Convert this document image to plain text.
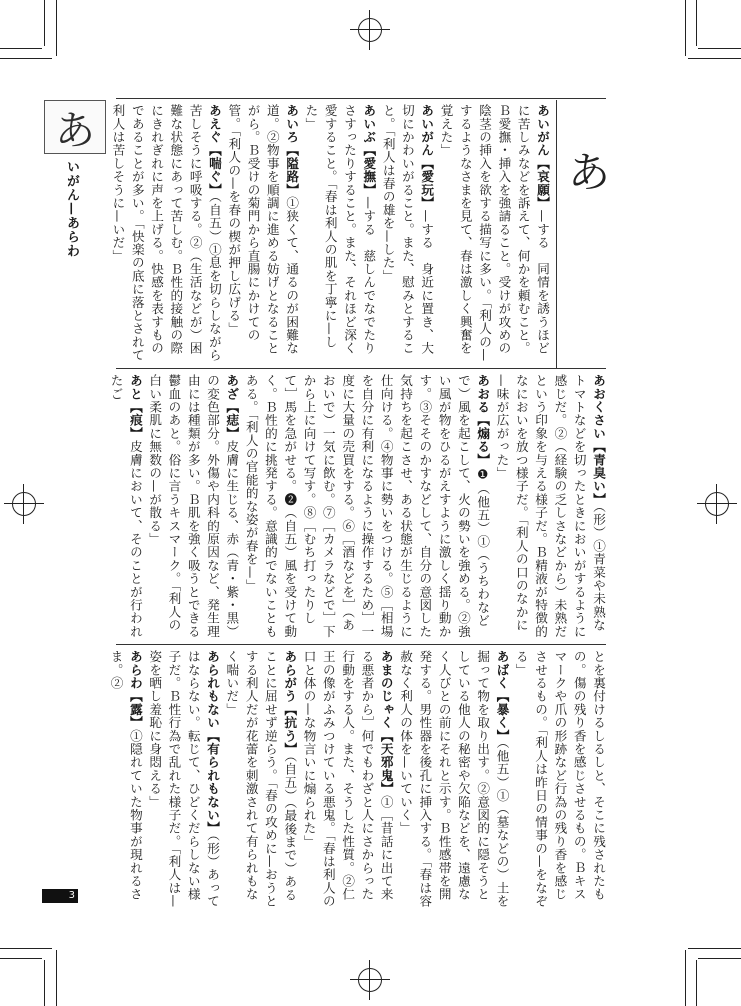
あ
いがん—あらわ	あ
あいがん【哀願】—する　同情を誘うほどに苦しみなどを訴えて、何かを頼むこと。Ｂ愛撫・挿入を強請ること。受けが攻めの陰茎の挿入を欲する描写に多い。「利人の—するようなさまを見て、春は激しく興奮を覚えた」
あいがん【愛玩】—する　身近に置き、大切にかわいがること。また、慰みとすること。「利人は春の雄を—した」
あいぶ【愛撫】—する　慈しんでなでたりさすったりすること。また、それほど深く愛すること。「春は利人の肌を丁寧に—した」
あいろ【隘路】①狭くて、通るのが困難な道。②物事を順調に進める妨げとなることがら。Ｂ受けの菊門から直腸にかけての管。「利人の—を春の楔が押し広げる」
あえぐ【喘ぐ】（自五）①息を切らしながら苦しそうに呼吸する。②（生活などが）困難な状態にあって苦しむ。Ｂ性的接触の際にきれぎれに声を上げる。快感を表すものであることが多い。「快楽の底に落とされて利人は苦しそうに—いだ」
あおくさい【青臭い】（形）①青菜や未熟なトマトなどを切ったときにおいがするように感じだ。②（経験の乏しさなどから）未熟だという印象を与える様子だ。Ｂ精液が特徴的なにおいを放つ様子だ。「利人の口のなかに—味が広がった」
あおる【煽る】❶（他五）①（うちわなどで）風を起こして、火の勢いを強める。②強い風が物をひるがえすように激しく揺り動かす。③そそのかすなどして、自分の意図した気持ちを起こさせ、ある状態が生じるように仕向ける。④物事に勢いをつける。⑤［相場を自分に有利になるように操作するため］一度に大量の売買をする。⑥［酒などを］（あおいで）一気に飲む。⑦［カメラなどで］下から上に向けて写す。⑧［むち打ったりして］馬を急がせる。❷（自五）風を受けて動く。Ｂ性的に挑発する。意識的でないこともある。「利人の官能的な姿が春を—」
あざ【痣】皮膚に生じる、赤（青・紫・黒）の変色部分。外傷や内科的原因など、発生理由には種類が多い。Ｂ肌を強く吸うとできる鬱血のあと。俗に言うキスマーク。「利人の白い柔肌に無数の—が散る」
あと【痕】皮膚において、そのことが行われたご
とを裏付けるしるしと、そこに残されたもの。傷の残り香を感じさせるもの。Ｂキスマークや爪の形跡など行為の残り香を感じさせるもの。「利人は昨日の情事の—をなぞる」
あばく【暴く】（他五）①（墓などの）土を掘って物を取り出す。②意図的に隠そうとしている他人の秘密や欠陥などを、遠慮なく人びとの前にそれと示す。Ｂ性感帯を開発する。男性器を後孔に挿入する。「春は容赦なく利人の体を—いていく」
あまのじゃく【天邪鬼】①［昔話に出て来る悪者から］何でもわざと人にさからった行動をする人。また、そうした性質。②仁王の像がふみつけている悪鬼。「春は利人の口と体の—な物言いに煽られた」
あらがう【抗う】（自五）（最後まで）あることに屈せず逆らう。「春の攻めに—おうとする利人だが花蕾を刺激されて有られもなく喘いだ」
あられもない【有られもない】（形）あってはならない。転じて、ひどくだらしない様子だ。Ｂ性行為で乱れた様子だ。「利人は—姿を晒し羞恥に身悶える」
あらわ【露】①隠れていた物事が現れるさま。②
3
